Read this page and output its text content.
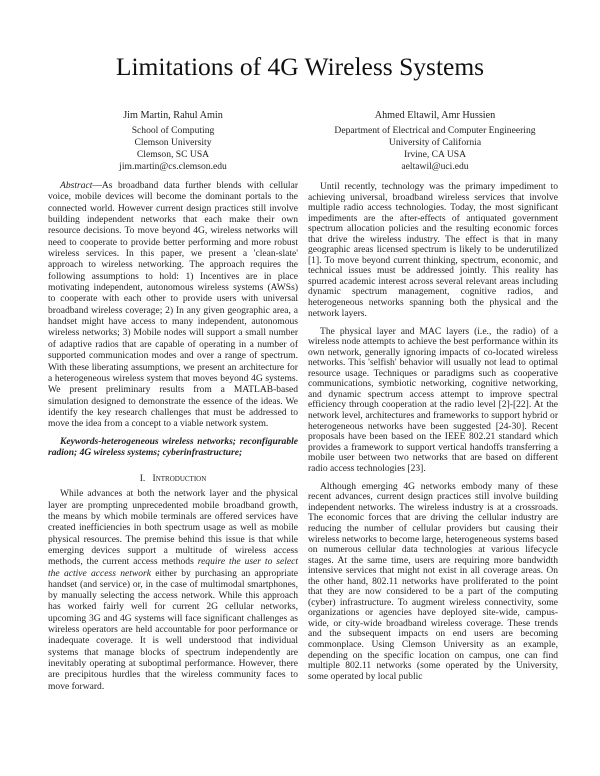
Limitations of 4G Wireless Systems
Jim Martin, Rahul Amin
School of Computing
Clemson University
Clemson, SC USA
jim.martin@cs.clemson.edu
Ahmed Eltawil, Amr Hussien
Department of Electrical and Computer Engineering
University of California
Irvine, CA USA
aeltawil@uci.edu

Abstract—As broadband data further blends with cellular voice, mobile devices will become the dominant portals to the connected world. However current design practices still involve building independent networks that each make their own resource decisions. To move beyond 4G, wireless networks will need to cooperate to provide better performing and more robust wireless services. In this paper, we present a 'clean-slate' approach to wireless networking. The approach requires the following assumptions to hold: 1) Incentives are in place motivating independent, autonomous wireless systems (AWSs) to cooperate with each other to provide users with universal broadband wireless coverage; 2) In any given geographic area, a handset might have access to many independent, autonomous wireless networks; 3) Mobile nodes will support a small number of adaptive radios that are capable of operating in a number of supported communication modes and over a range of spectrum. With these liberating assumptions, we present an architecture for a heterogeneous wireless system that moves beyond 4G systems. We present preliminary results from a MATLAB-based simulation designed to demonstrate the essence of the ideas. We identify the key research challenges that must be addressed to move the idea from a concept to a viable network system.

Keywords-heterogeneous wireless networks; reconfigurable radion; 4G wireless systems; cyberinfrastructure;

I. Introduction

While advances at both the network layer and the physical layer are prompting unprecedented mobile broadband growth, the means by which mobile terminals are offered services have created inefficiencies in both spectrum usage as well as mobile physical resources. The premise behind this issue is that while emerging devices support a multitude of wireless access methods, the current access methods require the user to select the active access network either by purchasing an appropriate handset (and service) or, in the case of multimodal smartphones, by manually selecting the access network. While this approach has worked fairly well for current 2G cellular networks, upcoming 3G and 4G systems will face significant challenges as wireless operators are held accountable for poor performance or inadequate coverage. It is well understood that individual systems that manage blocks of spectrum independently are inevitably operating at suboptimal performance. However, there are precipitous hurdles that the wireless community faces to move forward.

Until recently, technology was the primary impediment to achieving universal, broadband wireless services that involve multiple radio access technologies. Today, the most significant impediments are the after-effects of antiquated government spectrum allocation policies and the resulting economic forces that drive the wireless industry. The effect is that in many geographic areas licensed spectrum is likely to be underutilized [1]. To move beyond current thinking, spectrum, economic, and technical issues must be addressed jointly. This reality has spurred academic interest across several relevant areas including dynamic spectrum management, cognitive radios, and heterogeneous networks spanning both the physical and the network layers.

The physical layer and MAC layers (i.e., the radio) of a wireless node attempts to achieve the best performance within its own network, generally ignoring impacts of co-located wireless networks. This 'selfish' behavior will usually not lead to optimal resource usage. Techniques or paradigms such as cooperative communications, symbiotic networking, cognitive networking, and dynamic spectrum access attempt to improve spectral efficiency through cooperation at the radio level [2]-[22]. At the network level, architectures and frameworks to support hybrid or heterogeneous networks have been suggested [24-30]. Recent proposals have been based on the IEEE 802.21 standard which provides a framework to support vertical handoffs transferring a mobile user between two networks that are based on different radio access technologies [23].

Although emerging 4G networks embody many of these recent advances, current design practices still involve building independent networks. The wireless industry is at a crossroads. The economic forces that are driving the cellular industry are reducing the number of cellular providers but causing their wireless networks to become large, heterogeneous systems based on numerous cellular data technologies at various lifecycle stages. At the same time, users are requiring more bandwidth intensive services that might not exist in all coverage areas. On the other hand, 802.11 networks have proliferated to the point that they are now considered to be a part of the computing (cyber) infrastructure. To augment wireless connectivity, some organizations or agencies have deployed site-wide, campus-wide, or city-wide broadband wireless coverage. These trends and the subsequent impacts on end users are becoming commonplace. Using Clemson University as an example, depending on the specific location on campus, one can find multiple 802.11 networks (some operated by the University, some operated by local public
